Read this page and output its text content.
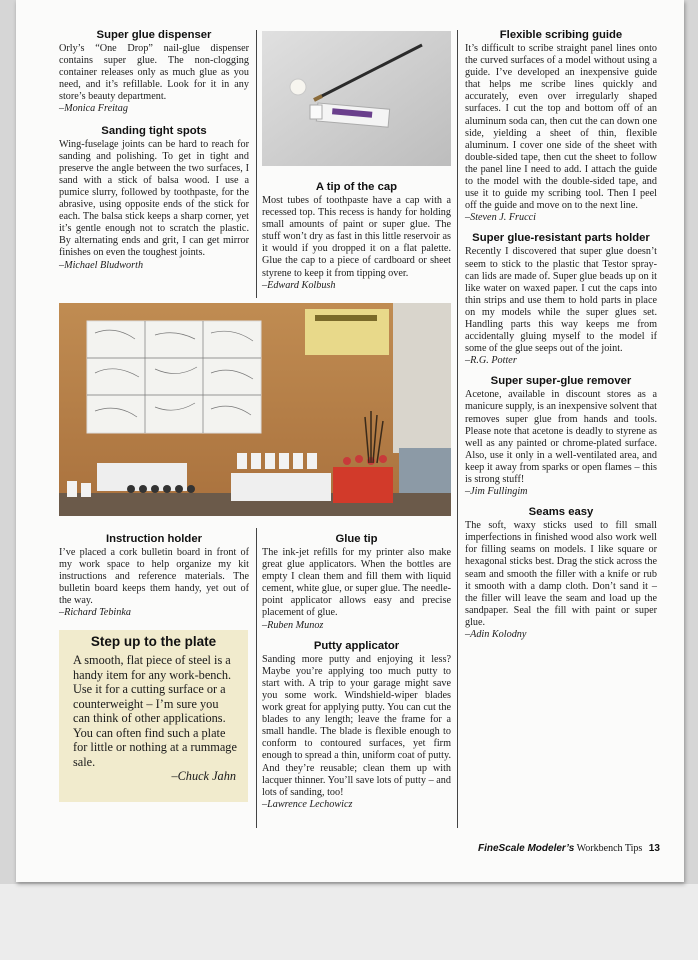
Super glue dispenser

Orly’s “One Drop” nail-glue dispenser contains super glue. The non-clogging container releases only as much glue as you need, and it’s refillable. Look for it in any store’s beauty department.

–Monica Freitag

Sanding tight spots

Wing-fuselage joints can be hard to reach for sanding and polishing. To get in tight and preserve the angle between the two surfaces, I sand with a stick of balsa wood. I use a pumice slurry, followed by toothpaste, for the abrasive, using opposite ends of the stick for each. The balsa stick keeps a sharp corner, yet it’s gentle enough not to scratch the plastic. By alternating ends and grit, I can get mirror finishes on even the toughest joints.

–Michael Bludworth

A tip of the cap

Most tubes of toothpaste have a cap with a recessed top. This recess is handy for holding small amounts of paint or super glue. The stuff won’t dry as fast in this little reservoir as it would if you dropped it on a flat palette. Glue the cap to a piece of cardboard or sheet styrene to keep it from tipping over.

–Edward Kolbush

Flexible scribing guide

It’s difficult to scribe straight panel lines onto the curved surfaces of a model without using a guide. I’ve developed an inexpensive guide that helps me scribe lines quickly and accurately, even over irregularly shaped surfaces. I cut the top and bottom off of an aluminum soda can, then cut the can down one side, yielding a sheet of thin, flexible aluminum. I cover one side of the sheet with double-sided tape, then cut the sheet to follow the panel line I need to add. I attach the guide to the model with the double-sided tape, and use it to guide my scribing tool. Then I peel off the guide and move on to the next line.

–Steven J. Frucci

Super glue-resistant parts holder

Recently I discovered that super glue doesn’t seem to stick to the plastic that Testor spray-can lids are made of. Super glue beads up on it like water on waxed paper. I cut the caps into thin strips and use them to hold parts in place on my models while the super glues set. Handling parts this way keeps me from accidentally gluing myself to the model if some of the glue seeps out of the joint.

–R.G. Potter

Super super-glue remover

Acetone, available in discount stores as a manicure supply, is an inexpensive solvent that removes super glue from hands and tools. Please note that acetone is deadly to styrene as well as any painted or chrome-plated surface. Also, use it only in a well-ventilated area, and keep it away from sparks or open flames – this is strong stuff!

–Jim Fullingim

Seams easy

The soft, waxy sticks used to fill small imperfections in finished wood also work well for filling seams on models. I like square or hexagonal sticks best. Drag the stick across the seam and smooth the filler with a knife or rub it smooth with a damp cloth. Don’t sand it – the filler will leave the seam and load up the sandpaper. Seal the fill with paint or super glue.

–Adin Kolodny

Instruction holder

I’ve placed a cork bulletin board in front of my work space to help organize my kit instructions and reference materials. The bulletin board keeps them handy, yet out of the way.

–Richard Tebinka

Step up to the plate

A smooth, flat piece of steel is a handy item for any work-bench. Use it for a cutting surface or a counterweight – I’m sure you can think of other applications. You can often find such a plate for little or nothing at a rummage sale.

–Chuck Jahn

Glue tip

The ink-jet refills for my printer also make great glue applicators. When the bottles are empty I clean them and fill them with liquid cement, white glue, or super glue. The needle-point applicator allows easy and precise placement of glue.

–Ruben Munoz

Putty applicator

Sanding more putty and enjoying it less? Maybe you’re applying too much putty to start with. A trip to your garage might save you some work. Windshield-wiper blades work great for applying putty. You can cut the blades to any length; leave the frame for a small handle. The blade is flexible enough to conform to contoured surfaces, yet firm enough to spread a thin, uniform coat of putty. And they’re reusable; clean them up with lacquer thinner. You’ll save lots of putty – and lots of sanding, too!

–Lawrence Lechowicz

FineScale Modeler’s Workbench Tips 13
